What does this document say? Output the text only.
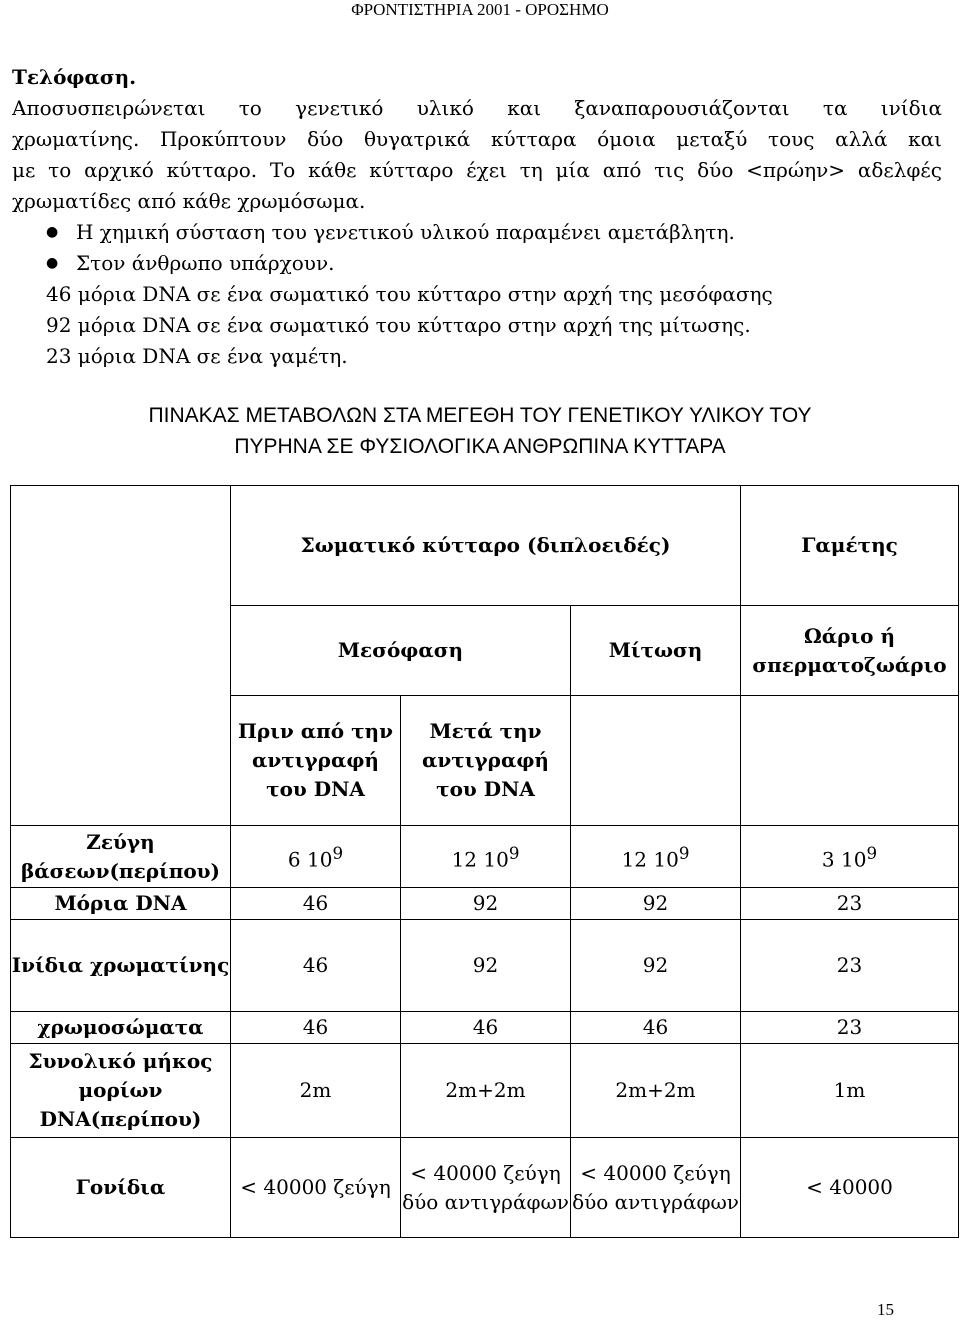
ΦΡΟΝΤΙΣΤΗΡΙΑ 2001 - ΟΡΟΣΗΜΟ
Τελόφαση.

Αποσυσπειρώνεται το γενετικό υλικό και ξαναπαρουσιάζονται τα ινίδια

χρωματίνης. Προκύπτουν δύο θυγατρικά κύτταρα όμοια μεταξύ τους αλλά και

με το αρχικό κύτταρο. Το κάθε κύτταρο έχει τη μία από τις δύο <πρώην> αδελφές

χρωματίδες από κάθε χρωμόσωμα.

● Η χημική σύσταση του γενετικού υλικού παραμένει αμετάβλητη.
● Στον άνθρωπο υπάρχουν.
46 μόρια DNA σε ένα σωματικό του κύτταρο στην αρχή της μεσόφασης
92 μόρια DNA σε ένα σωματικό του κύτταρο στην αρχή της μίτωσης.
23 μόρια DNA σε ένα γαμέτη.
ΠΙΝΑΚΑΣ ΜΕΤΑΒΟΛΩΝ ΣΤΑ ΜΕΓΕΘΗ ΤΟΥ ΓΕΝΕΤΙΚΟΥ ΥΛΙΚΟΥ ΤΟΥ
ΠΥΡΗΝΑ ΣΕ ΦΥΣΙΟΛΟΓΙΚΑ ΑΝΘΡΩΠΙΝΑ ΚΥΤΤΑΡΑ
	Σωματικό κύτταρο (διπλοειδές)			Γαμέτης
	Μεσόφαση		Μίτωση	Ωάριο ή σπερματοζωάριο
	Πριν από την αντιγραφή του DNA	Μετά την αντιγραφή του DNA		
Ζεύγη βάσεων(περίπου)	6 $10^9$	12 $10^9$	12 $10^9$	3 $10^9$
Μόρια DNA	46	92	92	23
Ινίδια χρωματίνης	46	92	92	23
χρωμοσώματα	46	46	46	23
Συνολικό μήκος μορίων DNA(περίπου)	2m	2m+2m	2m+2m	1m
Γονίδια	< 40000 ζεύγη	< 40000 ζεύγη δύο αντιγράφων	< 40000 ζεύγη δύο αντιγράφων	< 40000
15
